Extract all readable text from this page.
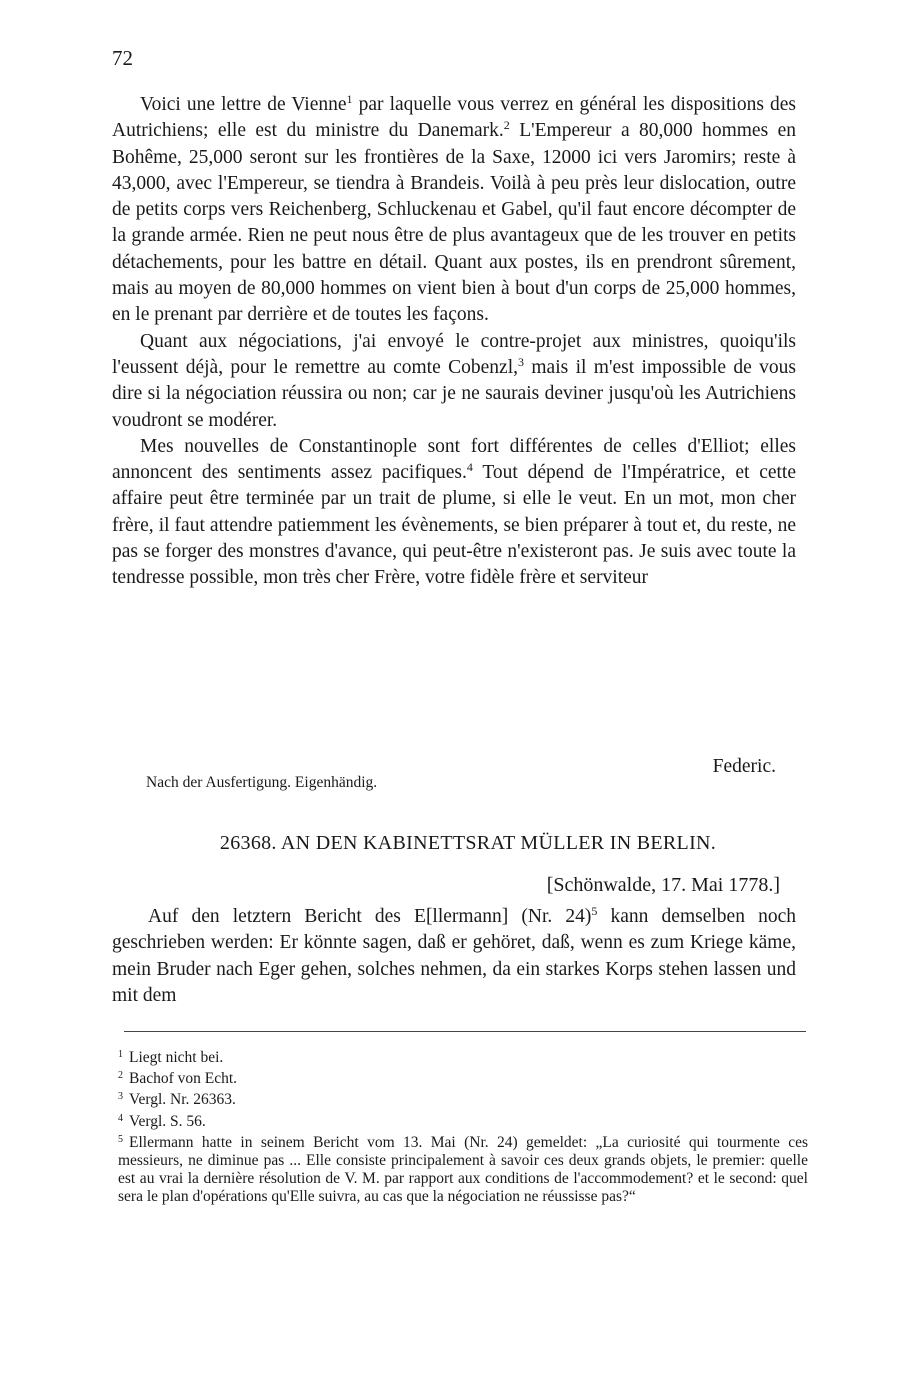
72

Voici une lettre de Vienne$^1$ par laquelle vous verrez en général les dispositions des Autrichiens; elle est du ministre du Danemark.$^2$ L'Empereur a 80,000 hommes en Bohême, 25,000 seront sur les frontières de la Saxe, 12000 ici vers Jaromirs; reste à 43,000, avec l'Empereur, se tiendra à Brandeis. Voilà à peu près leur dislocation, outre de petits corps vers Reichenberg, Schluckenau et Gabel, qu'il faut encore décompter de la grande armée. Rien ne peut nous être de plus avantageux que de les trouver en petits détachements, pour les battre en détail. Quant aux postes, ils en prendront sûrement, mais au moyen de 80,000 hommes on vient bien à bout d'un corps de 25,000 hommes, en le prenant par derrière et de toutes les façons.

Quant aux négociations, j'ai envoyé le contre-projet aux ministres, quoiqu'ils l'eussent déjà, pour le remettre au comte Cobenzl,$^3$ mais il m'est impossible de vous dire si la négociation réussira ou non; car je ne saurais deviner jusqu'où les Autrichiens voudront se modérer.

Mes nouvelles de Constantinople sont fort différentes de celles d'Elliot; elles annoncent des sentiments assez pacifiques.$^4$ Tout dépend de l'Impératrice, et cette affaire peut être terminée par un trait de plume, si elle le veut. En un mot, mon cher frère, il faut attendre patiemment les évènements, se bien préparer à tout et, du reste, ne pas se forger des monstres d'avance, qui peut-être n'existeront pas. Je suis avec toute la tendresse possible, mon très cher Frère, votre fidèle frère et serviteur

Federic.
Nach der Ausfertigung. Eigenhändig.
26368. AN DEN KABINETTSRAT MÜLLER IN BERLIN.
[Schönwalde, 17. Mai 1778.]

Auf den letztern Bericht des E[llermann] (Nr. 24)$^5$ kann demselben noch geschrieben werden: Er könnte sagen, daß er gehöret, daß, wenn es zum Kriege käme, mein Bruder nach Eger gehen, solches nehmen, da ein starkes Korps stehen lassen und mit dem

$^1$ Liegt nicht bei.

$^2$ Bachof von Echt.

$^3$ Vergl. Nr. 26363.

$^4$ Vergl. S. 56.

$^5$ Ellermann hatte in seinem Bericht vom 13. Mai (Nr. 24) gemeldet: „La curiosité qui tourmente ces messieurs, ne diminue pas ... Elle consiste principalement à savoir ces deux grands objets, le premier: quelle est au vrai la dernière résolution de V. M. par rapport aux conditions de l'accommodement? et le second: quel sera le plan d'opérations qu'Elle suivra, au cas que la négociation ne réussisse pas?“
